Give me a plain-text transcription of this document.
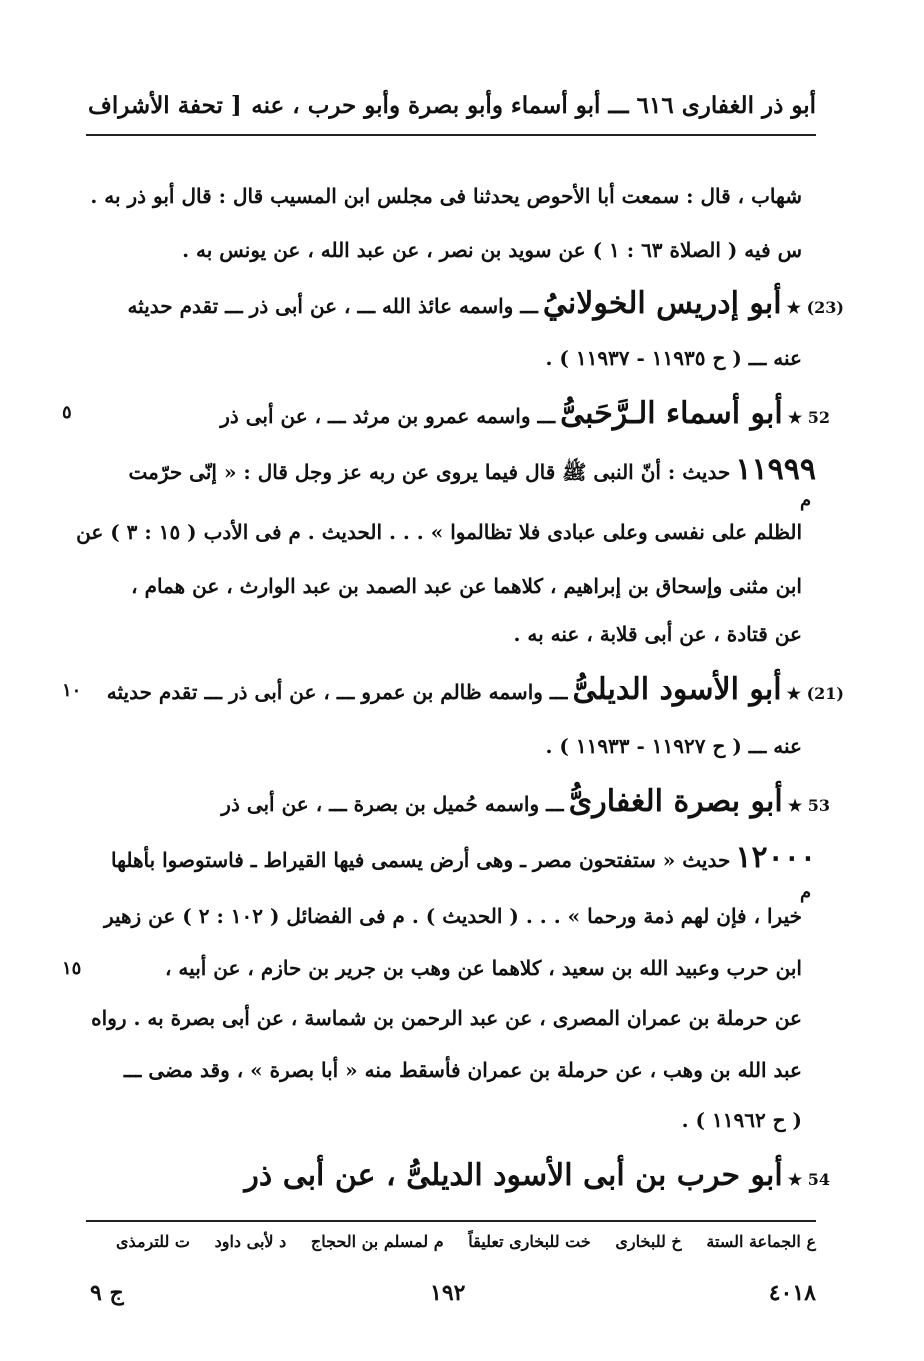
أبو ذر الغفارى ٦١٦ ـــ أبو أسماء وأبو بصرة وأبو حرب ، عنه
[ تحفة الأشراف
شهاب ، قال : سمعت أبا الأحوص يحدثنا فى مجلس ابن المسيب قال : قال أبو ذر به .
س فيه ( الصلاة ٦٣ : ١ ) عن سويد بن نصر ، عن عبد الله ، عن يونس به .
(23) ★ أبو إدريس الخولانيُ ـــ واسمه عائذ الله ـــ ، عن أبى ذر ـــ تقدم حديثه
عنه ـــ ( ح ١١٩٣٥ - ١١٩٣٧ ) .
52 ★ أبو أسماء الـرَّحَبىُّ ـــ واسمه عمرو بن مرثد ـــ ، عن أبى ذر
٥
١١٩٩٩ حديث : أنّ النبى ﷺ قال فيما يروى عن ربه عز وجل قال : « إنّى حرّمت
م
الظلم على نفسى وعلى عبادى فلا تظالموا » . . . الحديث . م فى الأدب ( ١٥ : ٣ ) عن
ابن مثنى وإسحاق بن إبراهيم ، كلاهما عن عبد الصمد بن عبد الوارث ، عن همام ،
عن قتادة ، عن أبى قلابة ، عنه به .
(21) ★ أبو الأسود الديلىُّ ـــ واسمه ظالم بن عمرو ـــ ، عن أبى ذر ـــ تقدم حديثه
١٠
عنه ـــ ( ح ١١٩٢٧ - ١١٩٣٣ ) .
53 ★ أبو بصرة الغفارىُّ ـــ واسمه حُميل بن بصرة ـــ ، عن أبى ذر
١٢٠٠٠ حديث « ستفتحون مصر ـ وهى أرض يسمى فيها القيراط ـ فاستوصوا بأهلها
م
خيرا ، فإن لهم ذمة ورحما » . . . ( الحديث ) . م فى الفضائل ( ١٠٢ : ٢ ) عن زهير
ابن حرب وعبيد الله بن سعيد ، كلاهما عن وهب بن جرير بن حازم ، عن أبيه ،
١٥
عن حرملة بن عمران المصرى ، عن عبد الرحمن بن شماسة ، عن أبى بصرة به . رواه
عبد الله بن وهب ، عن حرملة بن عمران فأسقط منه « أبا بصرة » ، وقد مضى ـــ
( ح ١١٩٦٢ ) .
54 ★ أبو حرب بن أبى الأسود الديلىُّ ، عن أبى ذر
ع الجماعة الستة
خ للبخارى
خت للبخارى تعليقاً
م لمسلم بن الحجاج
د لأبى داود
ت للترمذى
٤٠١٨
١٩٢
ج ٩
